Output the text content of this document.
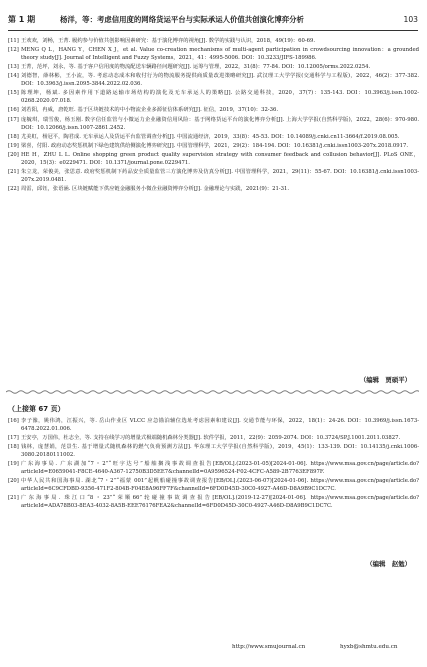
第 1 期	杨洋，等：考虑信用度的网络货运平台与实际承运人价值共创演化博弈分析	103
[11] 王欢欢，刘畅，王菁. 履约参与价值共创影响因素研究：基于演化博弈的视角[J]. 数学的实践与认识，2018，49(19)：60-69.
[12] MENG Q L，HANG Y，CHEN X J，et al. Value co-creation mechanisms of multi-agent participation in crowdsourcing innovation：a grounded theory study[J]. Journal of Intelligent and Fuzzy Systems，2021，41：4995-5006. DOI：10.3233/JIFS-189986.
[13] 王菁，范坪，刘永，等. 基于客户信用度的物流配送车辆路径问题研究[J]. 运筹与管理，2022，31(8)：77-84. DOI：10.12005/orms.2022.0254.
[14] 刘德智，薛林彬，王小流，等. 考虑动态成本和收付行为的物流服务提供商质量改进策略研究[J]. 武汉理工大学学报(交通科学与工程版)，2022，46(2)：377-382. DOI：10.3963/j.issn.2095-3844.2022.02.036.
[15] 陈理坤，杨斌. 多因素作用下道路运输市场结构的演化及无车承运人的策略[J]. 公路交通科技，2020，37(7)：135-143. DOI：10.3963/j.issn.1002-0268.2020.07.018.
[16] 刘若阳，冉威，唐乾旺. 基于区块链技术的中小物流企业多源征信体系研究[J]. 征信，2019，37(10)：32-36.
[17] 庞毓琪，瑞雪俊，杨玉刚. 数字信任监管与小微运力企业融资信用风险：基于网络货运平台的演化博弈分析[J]. 上海大学学报(自然科学版)，2022，28(6)：970-980. DOI：10.12066/j.issn.1007-2861.2452.
[18] 尤美虹，杨冠平，陶君成. 无车承运人及货运平台监管调查分析[J]. 中国流通经济，2019，33(8)：45-53. DOI：10.14089/j.cnki.cn11-3664/f.2019.08.005.
[19] 梁喜，付阳. 政府动态奖惩机制下绿色建筑供给侧演化博弈研究[J]. 中国管理科学，2021，29(2)：184-194. DOI：10.16381/j.cnki.issn1003-207x.2018.0917.
[20] HE H，ZHU L L. Online shopping green product quality supervision strategy with consumer feedback and collusion behavior[J]. PLoS ONE，2020，15(3)：e0229471. DOI：10.1371/journal.pone.0229471.
[21] 朱立龙，荣俊美，张思意. 政府奖惩机制下药品安全质量监管三方演化博弈及仿真分析[J]. 中国管理科学，2021，29(11)：55-67. DOI：10.16381/j.cnki.issn1003-207x.2019.0481.
[22] 周雷，邱钰，张语涵. 区块链赋能下供应链金融服务小微企业融资博弈分析[J]. 金融理论与实践，2021(9)：21-31.
（编辑　贾硕平）
（上接第 67 页）
[16] 李子豫，姚伟鸿，江振兴，等. 岳山作业区 VLCC 应急锚泊辅位选址考虑因素和建议[J]. 交通节能与环保，2022，18(1)：24-26. DOI：10.3969/j.issn.1673-6478.2022.01.006.
[17] 王安亭，万国伟，杜志全，等. 支持在线学习的增量式极端随机森林分类器[J]. 软件学报，2011，22(9)：2059-2074. DOI：10.3724/SP.J.1001.2011.03827.
[18] 钱林，庞慧娟，范景生. 基于增量式随机森林的燃气负荷预测方法[J]. 华东理工大学学报(自然科学版)，2019，45(1)：133-139. DOI：10.14135/j.cnki.1006-3080.20180111002.
[19] 广东海事局. 广东湖加“7・2”“旺宇达号”船舶搁浅事故调查报告[EB/OL].(2023-01-05)[2024-01-06]. https://www.msa.gov.cn/page/article.do?articleId=E0659041-F8CE-4640-A367-12750B3D5EE7&channelId=0A9596524-F02-4CFC-A589-2B7763EF897F.
[20] 中华人民共和国海事局. 湖北“7・2”“福蒙 001”起帆船碰撞事故调查报告[EB/OL].(2023-06-07)[2024-01-06]. https://www.msa.gov.cn/page/article.do?articleId=6C9CFDBD-9356-471F2-804B-F04E8A96FF7F&channelId=6FD0D45D-30C0-4927-A46D-D8A9B9C1DC7C.
[21] 广东海事局. 珠江口“8・23”“荣顺66”轮碰撞事故调查报告[EB/OL].(2019-12-27)[2024-01-06]. https://www.msa.gov.cn/page/article.do?articleId=ADA78B03-8EA3-4032-8A5B-EEE76176FEA2&channelId=6FD0D45D-30C0-4927-A46D-D8A9B9C1DC7C.
（编辑　赵勉）
http://www.smujournal.cn	hyxb@shmtu.edu.cn
